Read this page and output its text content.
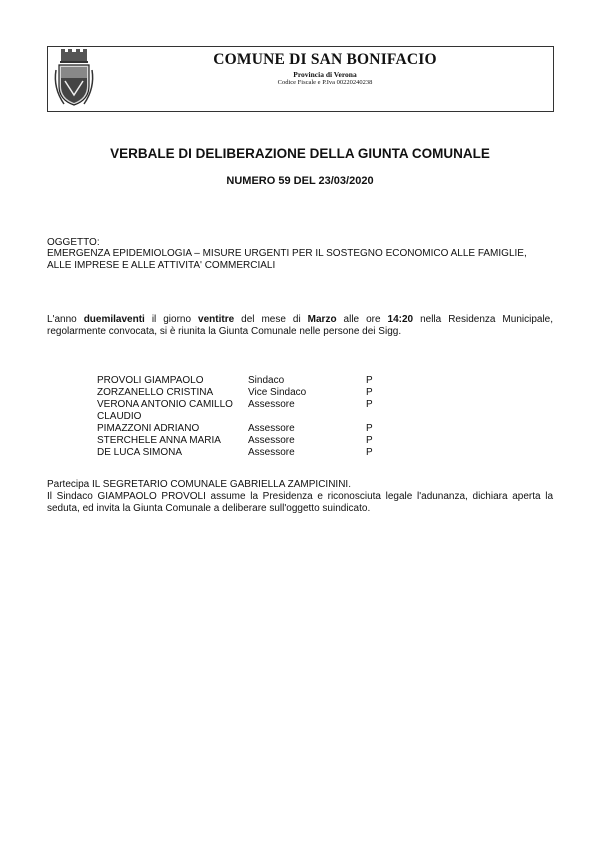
COMUNE DI SAN BONIFACIO
Provincia di Verona
Codice Fiscale e P.Iva 00220240238
VERBALE DI DELIBERAZIONE DELLA GIUNTA COMUNALE
NUMERO 59 DEL 23/03/2020
OGGETTO:
EMERGENZA EPIDEMIOLOGIA – MISURE URGENTI PER IL SOSTEGNO ECONOMICO ALLE FAMIGLIE,
ALLE IMPRESE E ALLE ATTIVITA' COMMERCIALI
L'anno duemilaventi il giorno ventitre del mese di Marzo alle ore 14:20 nella Residenza Municipale,
regolarmente convocata, si è riunita la Giunta Comunale nelle persone dei Sigg.
PROVOLI GIAMPAOLO	Sindaco	P
ZORZANELLO CRISTINA	Vice Sindaco	P
VERONA ANTONIO CAMILLO Assessore	P
CLAUDIO
PIMAZZONI ADRIANO	Assessore	P
STERCHELE ANNA MARIA	Assessore	P
DE LUCA SIMONA	Assessore	P
Partecipa IL SEGRETARIO COMUNALE GABRIELLA ZAMPICININI.
Il Sindaco GIAMPAOLO PROVOLI assume la Presidenza e riconosciuta legale l'adunanza, dichiara aperta la
seduta, ed invita la Giunta Comunale a deliberare sull'oggetto suindicato.
